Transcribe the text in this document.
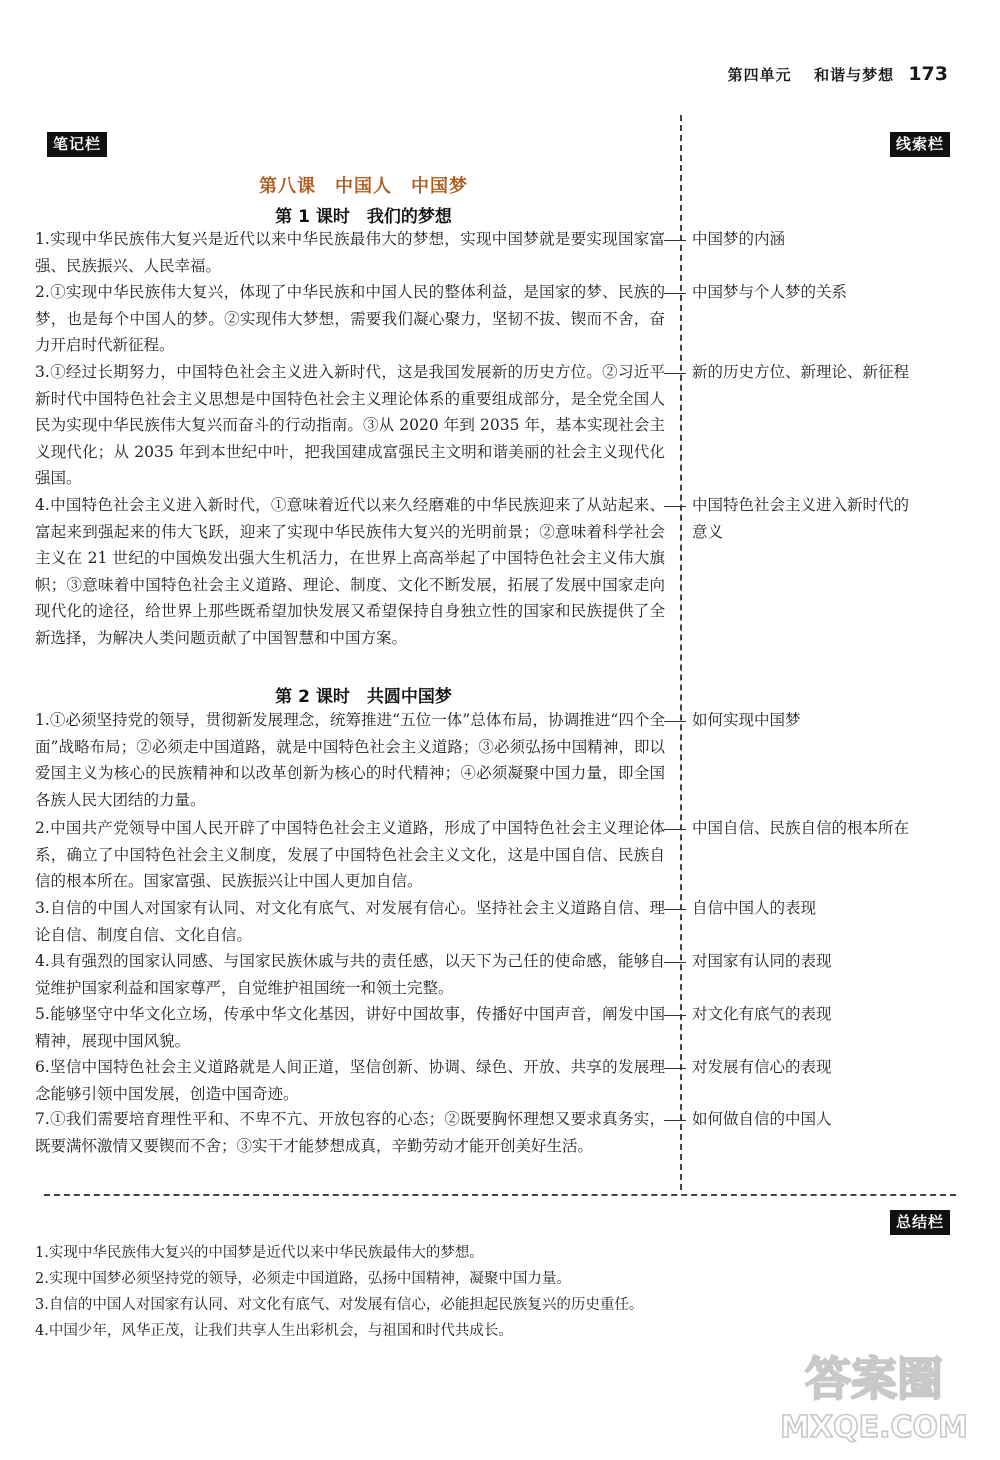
第四单元 和谐与梦想 173
笔记栏	线索栏
总结栏
第八课　中国人　中国梦
第 1 课时　我们的梦想
第 2 课时　共圆中国梦
1.实现中华民族伟大复兴是近代以来中华民族最伟大的梦想，实现中国梦就是要实现国家富强、民族振兴、人民幸福。
2.①实现中华民族伟大复兴，体现了中华民族和中国人民的整体利益，是国家的梦、民族的梦，也是每个中国人的梦。②实现伟大梦想，需要我们凝心聚力，坚韧不拔、锲而不舍，奋力开启时代新征程。
3.①经过长期努力，中国特色社会主义进入新时代，这是我国发展新的历史方位。②习近平新时代中国特色社会主义思想是中国特色社会主义理论体系的重要组成部分，是全党全国人民为实现中华民族伟大复兴而奋斗的行动指南。③从 2020 年到 2035 年，基本实现社会主义现代化；从 2035 年到本世纪中叶，把我国建成富强民主文明和谐美丽的社会主义现代化强国。
4.中国特色社会主义进入新时代，①意味着近代以来久经磨难的中华民族迎来了从站起来、富起来到强起来的伟大飞跃，迎来了实现中华民族伟大复兴的光明前景；②意味着科学社会主义在 21 世纪的中国焕发出强大生机活力，在世界上高高举起了中国特色社会主义伟大旗帜；③意味着中国特色社会主义道路、理论、制度、文化不断发展，拓展了发展中国家走向现代化的途径，给世界上那些既希望加快发展又希望保持自身独立性的国家和民族提供了全新选择，为解决人类问题贡献了中国智慧和中国方案。
1.①必须坚持党的领导，贯彻新发展理念，统筹推进“五位一体”总体布局，协调推进“四个全面”战略布局；②必须走中国道路，就是中国特色社会主义道路；③必须弘扬中国精神，即以爱国主义为核心的民族精神和以改革创新为核心的时代精神；④必须凝聚中国力量，即全国各族人民大团结的力量。
2.中国共产党领导中国人民开辟了中国特色社会主义道路，形成了中国特色社会主义理论体系，确立了中国特色社会主义制度，发展了中国特色社会主义文化，这是中国自信、民族自信的根本所在。国家富强、民族振兴让中国人更加自信。
3.自信的中国人对国家有认同、对文化有底气、对发展有信心。坚持社会主义道路自信、理论自信、制度自信、文化自信。
4.具有强烈的国家认同感、与国家民族休戚与共的责任感，以天下为己任的使命感，能够自觉维护国家利益和国家尊严，自觉维护祖国统一和领土完整。
5.能够坚守中华文化立场，传承中华文化基因，讲好中国故事，传播好中国声音，阐发中国精神，展现中国风貌。
6.坚信中国特色社会主义道路就是人间正道，坚信创新、协调、绿色、开放、共享的发展理念能够引领中国发展，创造中国奇迹。
7.①我们需要培育理性平和、不卑不亢、开放包容的心态；②既要胸怀理想又要求真务实，既要满怀激情又要锲而不舍；③实干才能梦想成真，辛勤劳动才能开创美好生活。
中国梦的内涵
中国梦与个人梦的关系
新的历史方位、新理论、新征程
中国特色社会主义进入新时代的
意义
如何实现中国梦
中国自信、民族自信的根本所在
自信中国人的表现
对国家有认同的表现
对文化有底气的表现
对发展有信心的表现
如何做自信的中国人
1.实现中华民族伟大复兴的中国梦是近代以来中华民族最伟大的梦想。
2.实现中国梦必须坚持党的领导，必须走中国道路，弘扬中国精神，凝聚中国力量。
3.自信的中国人对国家有认同、对文化有底气、对发展有信心，必能担起民族复兴的历史重任。
4.中国少年，风华正茂，让我们共享人生出彩机会，与祖国和时代共成长。
答案圈
MXQE.COM
